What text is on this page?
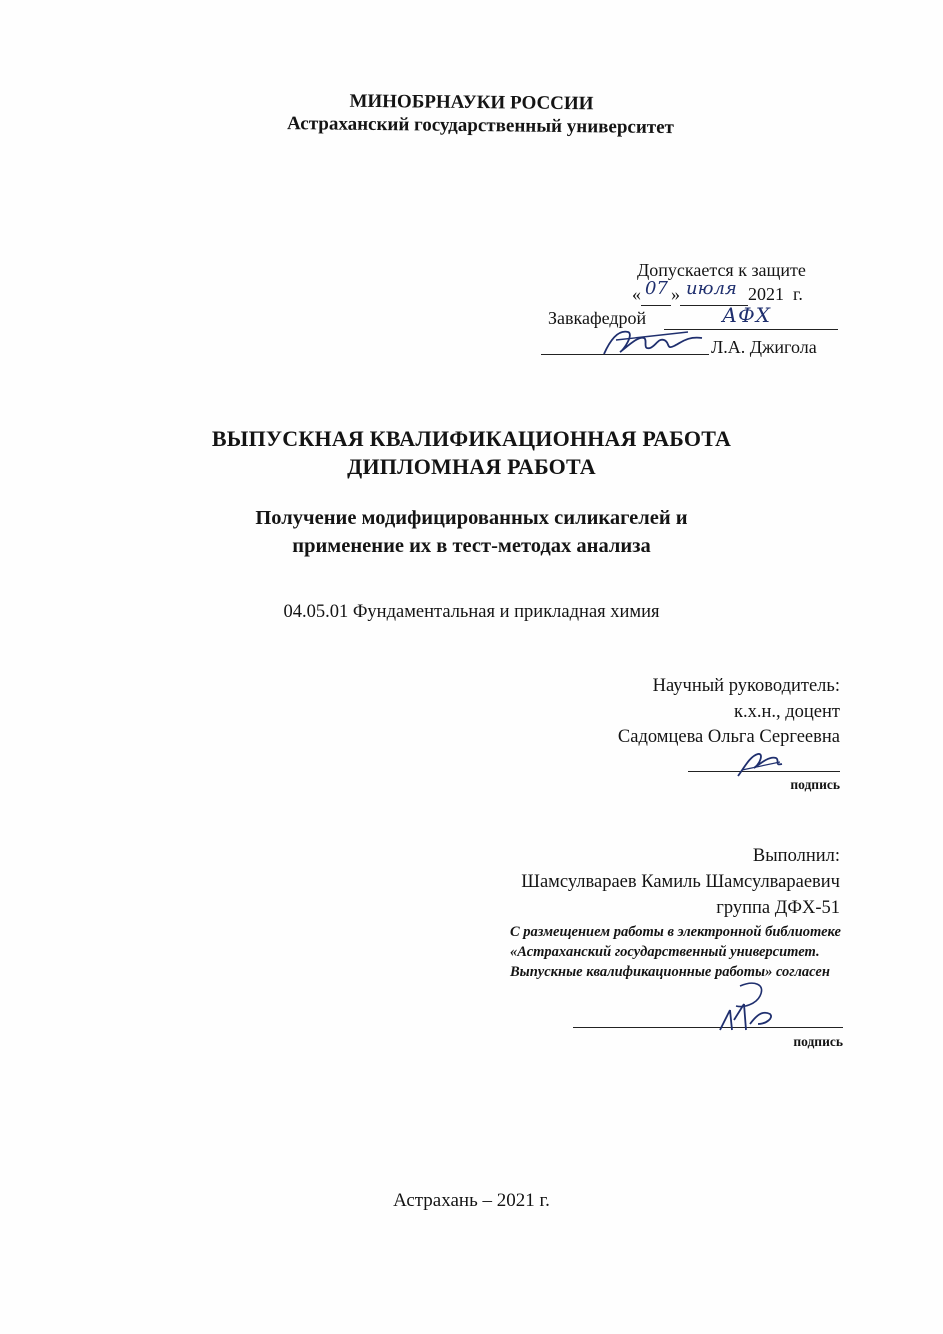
МИНОБРНАУКИ РОССИИ
Астраханский государственный университет
Допускается к защите
« 07 » июля 2021 г.
Завкафедрой	АФХ
Л.А. Джигола
ВЫПУСКНАЯ КВАЛИФИКАЦИОННАЯ РАБОТА
ДИПЛОМНАЯ РАБОТА
Получение модифицированных силикагелей и
применение их в тест-методах анализа
04.05.01 Фундаментальная и прикладная химия
Научный руководитель:
к.х.н., доцент
Садомцева Ольга Сергеевна
подпись
Выполнил:
Шамсулвараев Камиль Шамсулвараевич
группа ДФХ-51
С размещением работы в электронной библиотеке «Астраханский государственный университет. Выпускные квалификационные работы» согласен
подпись
Астрахань – 2021 г.
